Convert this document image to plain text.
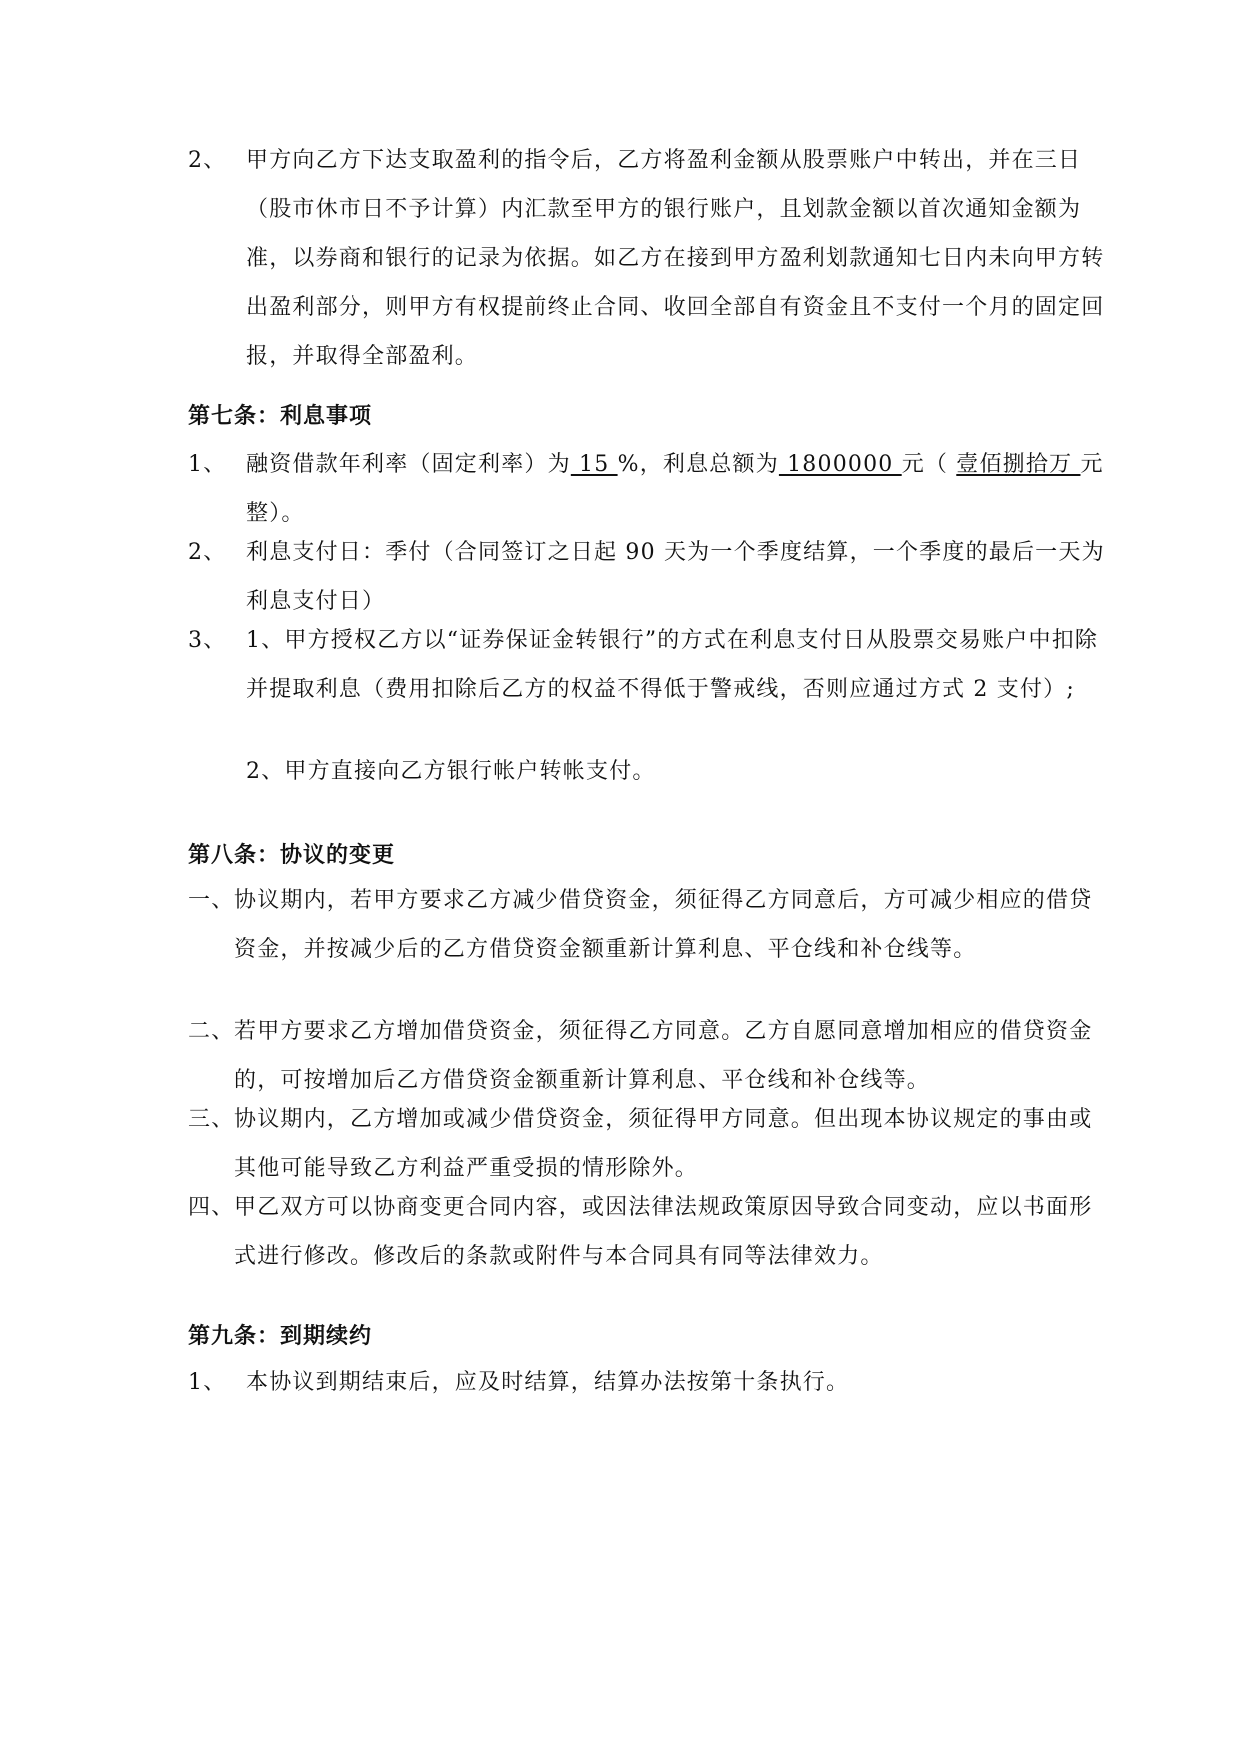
2、 甲方向乙方下达支取盈利的指令后，乙方将盈利金额从股票账户中转出，并在三日（股市休市日不予计算）内汇款至甲方的银行账户，且划款金额以首次通知金额为准，以券商和银行的记录为依据。如乙方在接到甲方盈利划款通知七日内未向甲方转出盈利部分，则甲方有权提前终止合同、收回全部自有资金且不支付一个月的固定回报，并取得全部盈利。
第七条：利息事项
1、 融资借款年利率（固定利率）为 15 %，利息总额为 1800000 元（ 壹佰捌拾万 元整）。
2、 利息支付日：季付（合同签订之日起 90 天为一个季度结算，一个季度的最后一天为利息支付日）
3、 1、甲方授权乙方以“证券保证金转银行”的方式在利息支付日从股票交易账户中扣除并提取利息（费用扣除后乙方的权益不得低于警戒线，否则应通过方式 2 支付）;
2、甲方直接向乙方银行帐户转帐支付。
第八条：协议的变更
一、协议期内，若甲方要求乙方减少借贷资金，须征得乙方同意后，方可减少相应的借贷资金，并按减少后的乙方借贷资金额重新计算利息、平仓线和补仓线等。
二、若甲方要求乙方增加借贷资金，须征得乙方同意。乙方自愿同意增加相应的借贷资金的，可按增加后乙方借贷资金额重新计算利息、平仓线和补仓线等。
三、协议期内，乙方增加或减少借贷资金，须征得甲方同意。但出现本协议规定的事由或其他可能导致乙方利益严重受损的情形除外。
四、甲乙双方可以协商变更合同内容，或因法律法规政策原因导致合同变动，应以书面形式进行修改。修改后的条款或附件与本合同具有同等法律效力。
第九条：到期续约
1、 本协议到期结束后，应及时结算，结算办法按第十条执行。
